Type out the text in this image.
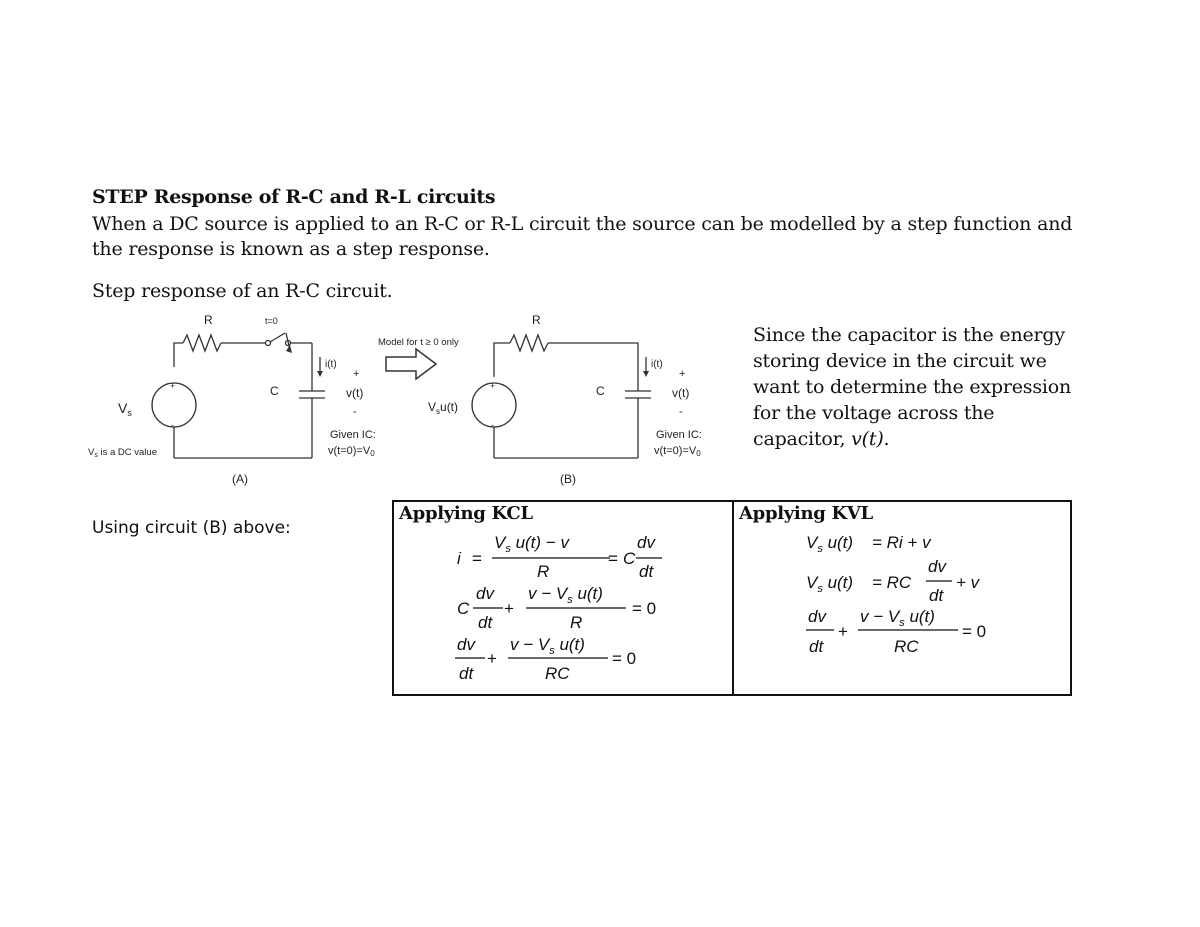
STEP Response of R-C and R-L circuits
When a DC source is applied to an R-C or R-L circuit the source can be modelled by a step function and the response is known as a step response.
Step response of an R-C circuit.
Since the capacitor is the energy storing device in the circuit we want to determine the expression for the voltage across the capacitor, v(t).
+
-
+
-
R	t=0
C
i(t)
+
v(t)
-
$V_s$
$V_s$ is a DC value
Given IC:
v(t=0)=V0
(A)
Model for t ≥ 0 only
R
C
i(t)
+
v(t)
-
$V_su(t)$
Given IC:
v(t=0)=V0
(B)
Using circuit (B) above:
Applying KCL	Applying KVL
i =
$V_s$ u(t) − v
R
= C
dv
dt
C
dv
dt
+
$v - V_s$ u(t)
R
= 0
dv
dt
+
$v - V_s$ u(t)
RC
= 0
$V_s$ u(t) = Ri + v
$V_s$ u(t) = RC
dv
dt
+ v
dv
dt
+
$v - V_s$ u(t)
RC
= 0
